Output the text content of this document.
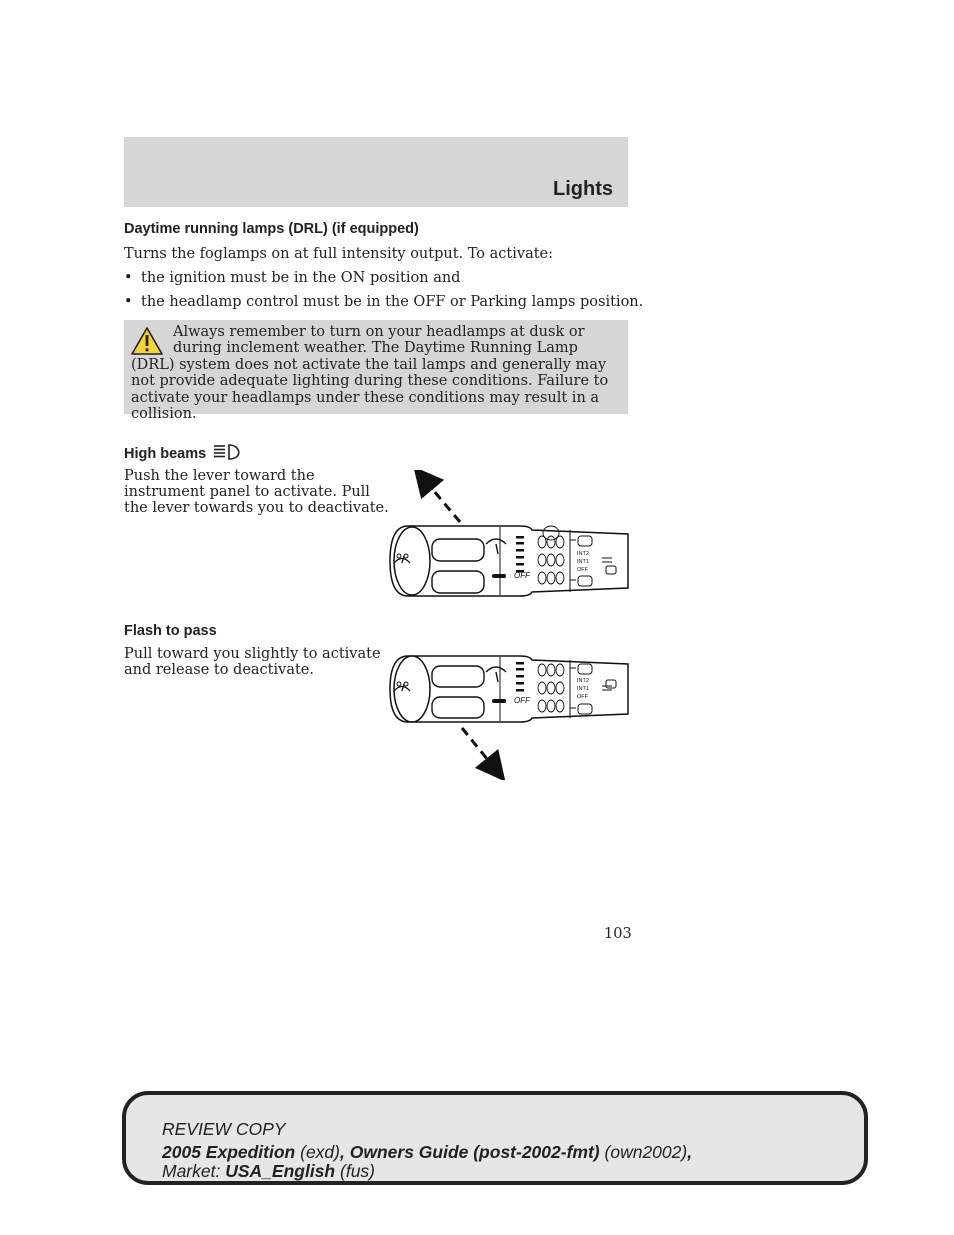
Lights
Daytime running lamps (DRL) (if equipped)
Turns the foglamps on at full intensity output. To activate:
• the ignition must be in the ON position and
• the headlamp control must be in the OFF or Parking lamps position.
Always remember to turn on your headlamps at dusk or during inclement weather. The Daytime Running Lamp (DRL) system does not activate the tail lamps and generally may not provide adequate lighting during these conditions. Failure to activate your headlamps under these conditions may result in a collision.
High beams
Push the lever toward the
instrument panel to activate. Pull
the lever towards you to deactivate.
OFF
INT2
INT1
OFF
Flash to pass
Pull toward you slightly to activate
and release to deactivate.
OFF
INT2
INT1
OFF
103
REVIEW COPY
2005 Expedition (exd), Owners Guide (post-2002-fmt) (own2002),
Market: USA_English (fus)
